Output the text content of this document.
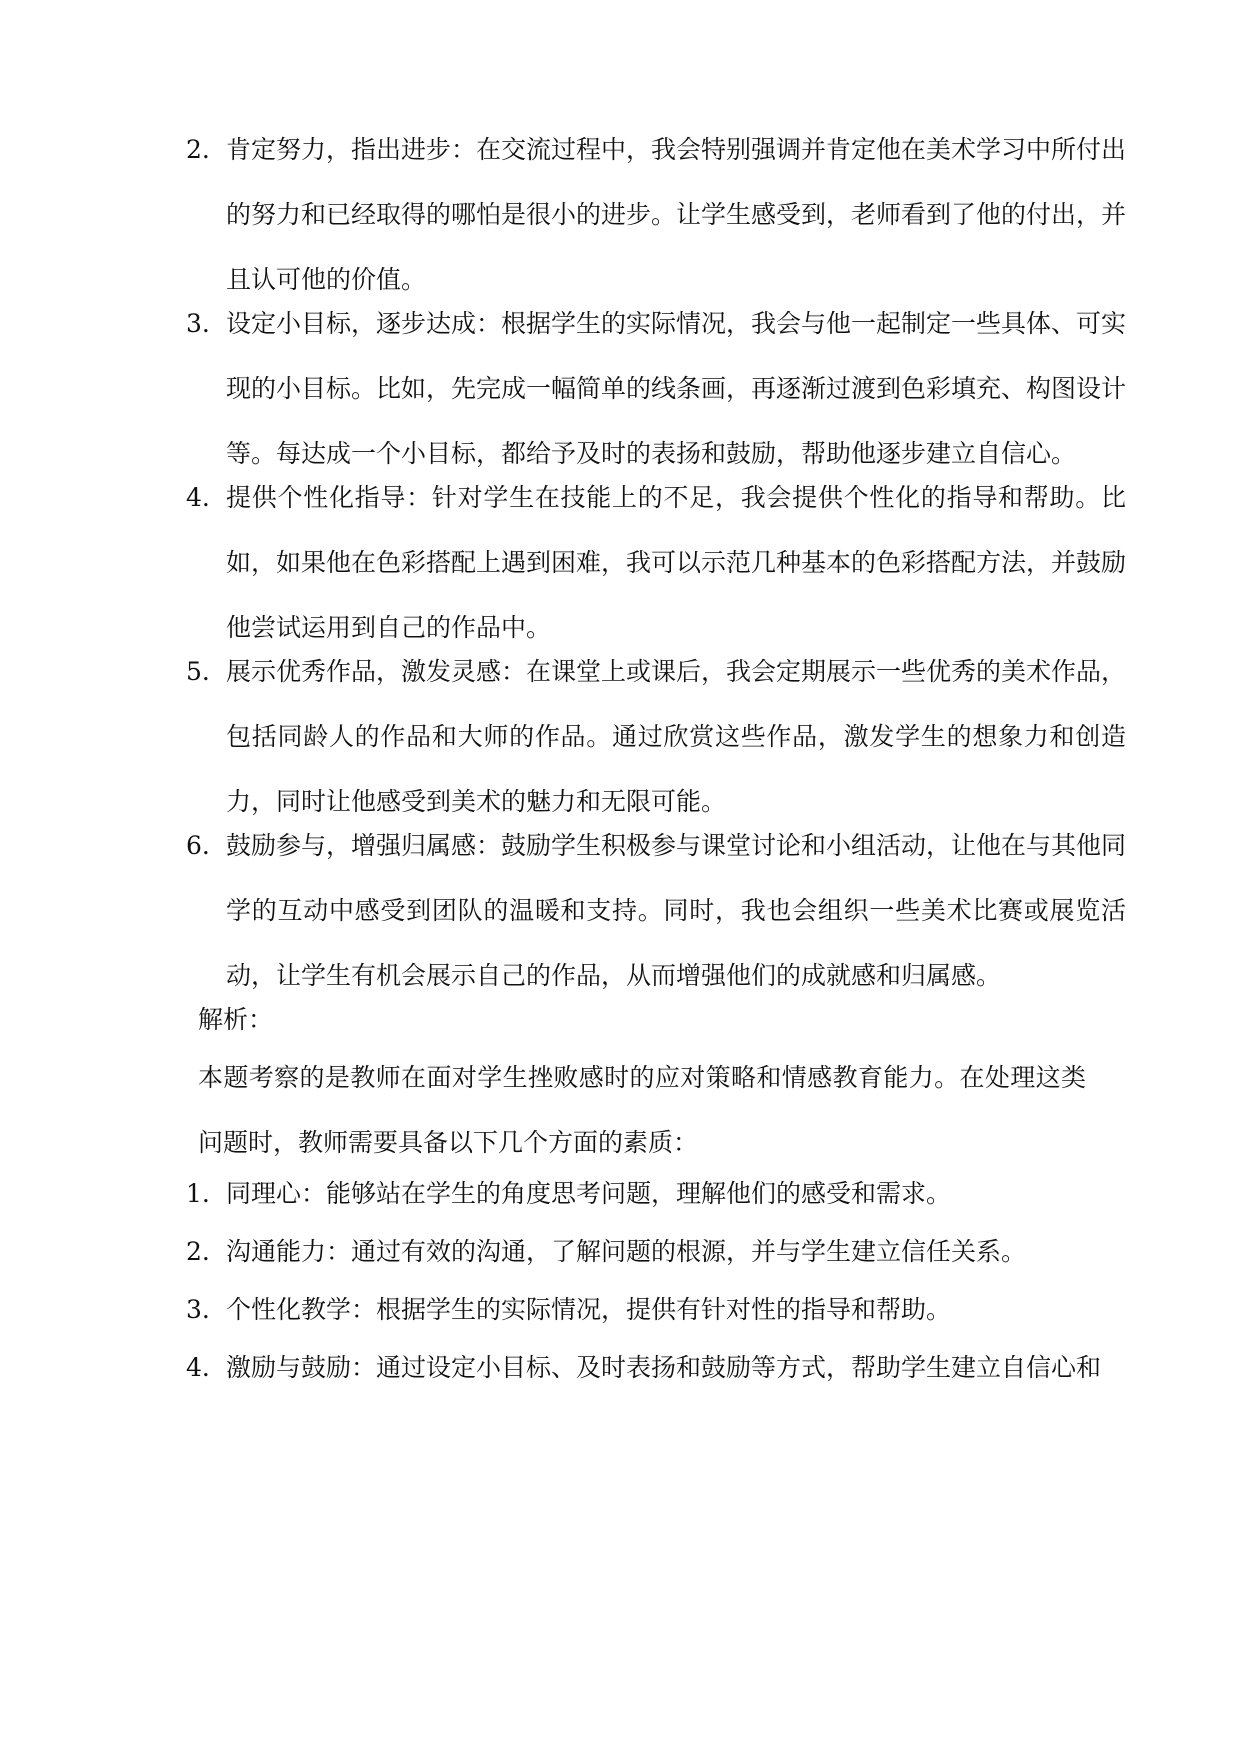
2. 肯定努力，指出进步：在交流过程中，我会特别强调并肯定他在美术学习中所付出的努力和已经取得的哪怕是很小的进步。让学生感受到，老师看到了他的付出，并且认可他的价值。
3. 设定小目标，逐步达成：根据学生的实际情况，我会与他一起制定一些具体、可实现的小目标。比如，先完成一幅简单的线条画，再逐渐过渡到色彩填充、构图设计等。每达成一个小目标，都给予及时的表扬和鼓励，帮助他逐步建立自信心。
4. 提供个性化指导：针对学生在技能上的不足，我会提供个性化的指导和帮助。比如，如果他在色彩搭配上遇到困难，我可以示范几种基本的色彩搭配方法，并鼓励他尝试运用到自己的作品中。
5. 展示优秀作品，激发灵感：在课堂上或课后，我会定期展示一些优秀的美术作品，包括同龄人的作品和大师的作品。通过欣赏这些作品，激发学生的想象力和创造力，同时让他感受到美术的魅力和无限可能。
6. 鼓励参与，增强归属感：鼓励学生积极参与课堂讨论和小组活动，让他在与其他同学的互动中感受到团队的温暖和支持。同时，我也会组织一些美术比赛或展览活动，让学生有机会展示自己的作品，从而增强他们的成就感和归属感。
解析：
本题考察的是教师在面对学生挫败感时的应对策略和情感教育能力。在处理这类问题时，教师需要具备以下几个方面的素质：
1. 同理心：能够站在学生的角度思考问题，理解他们的感受和需求。
2. 沟通能力：通过有效的沟通，了解问题的根源，并与学生建立信任关系。
3. 个性化教学：根据学生的实际情况，提供有针对性的指导和帮助。
4. 激励与鼓励：通过设定小目标、及时表扬和鼓励等方式，帮助学生建立自信心和
